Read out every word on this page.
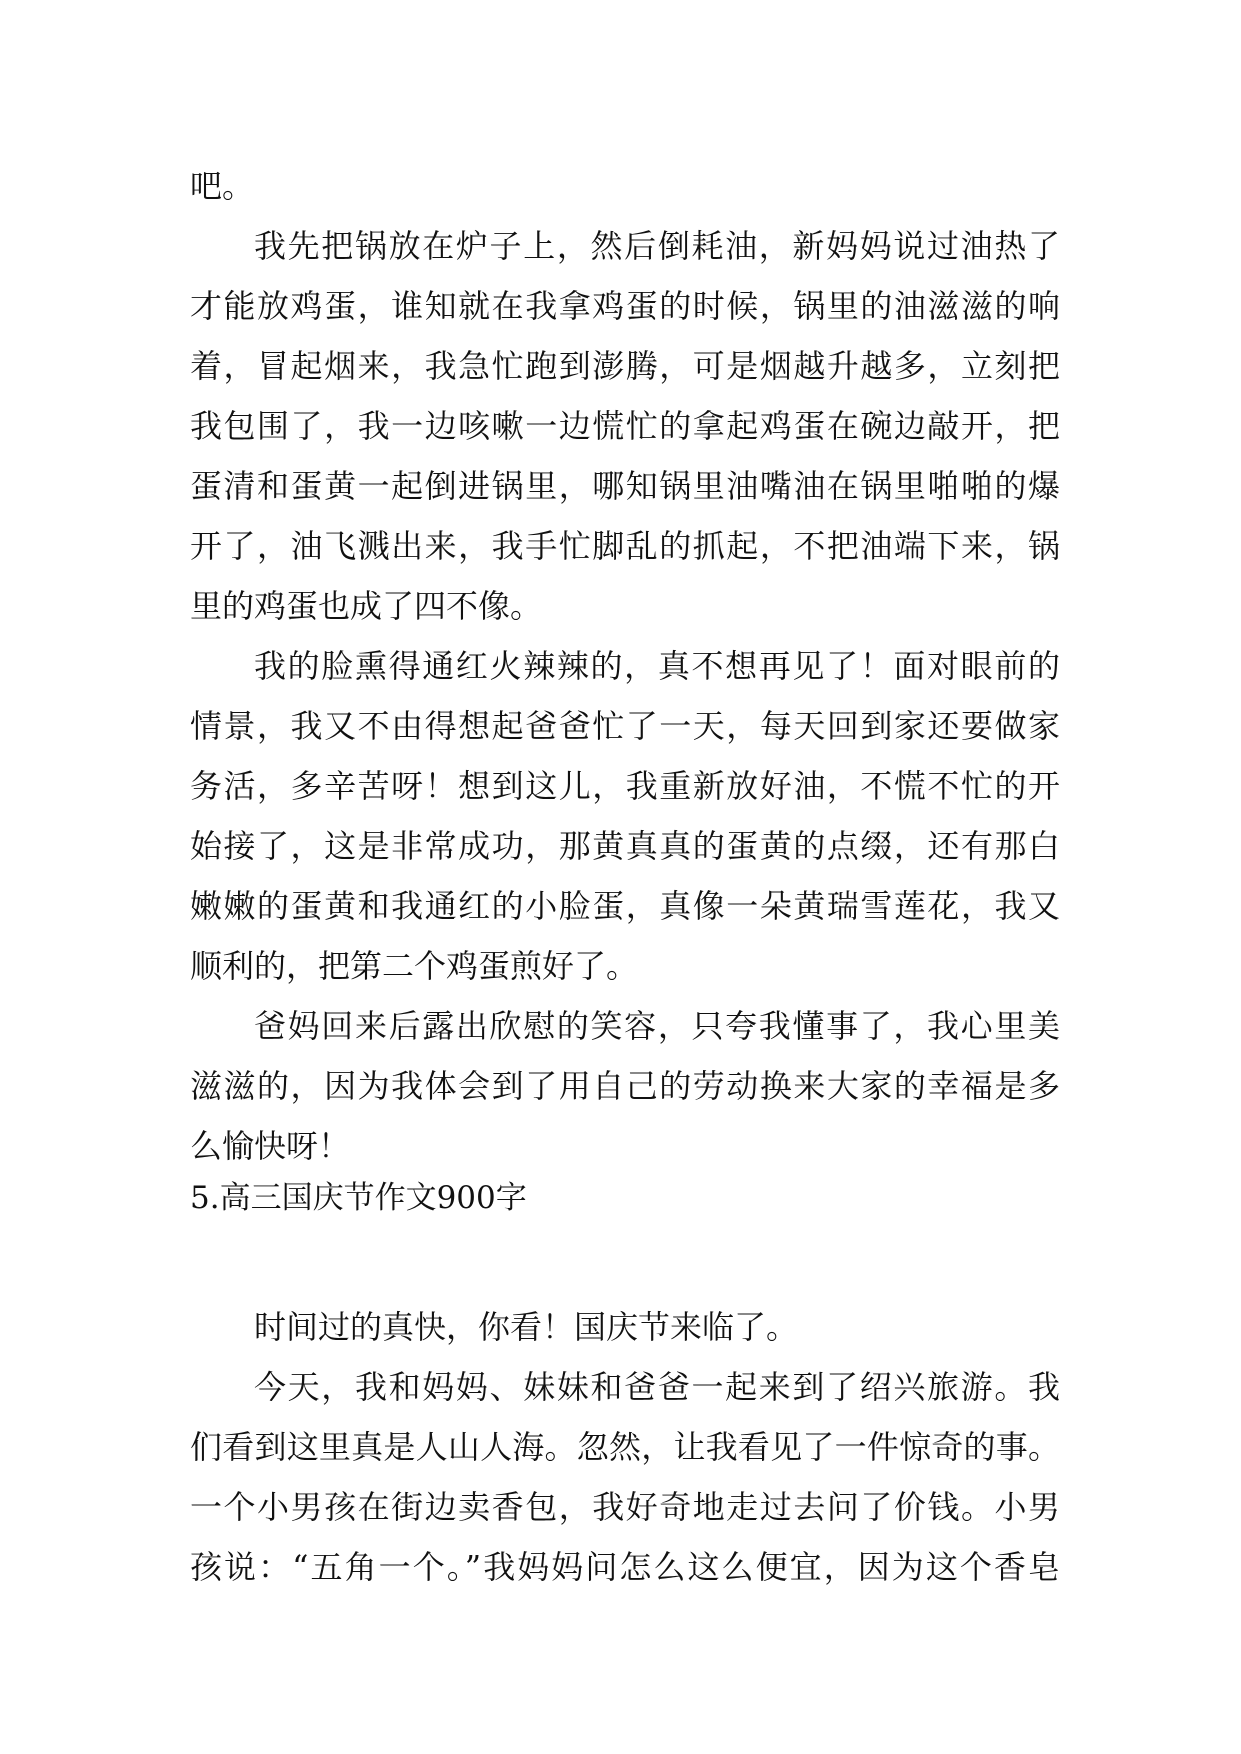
吧。
我先把锅放在炉子上，然后倒耗油，新妈妈说过油热了
才能放鸡蛋，谁知就在我拿鸡蛋的时候，锅里的油滋滋的响
着，冒起烟来，我急忙跑到澎腾，可是烟越升越多，立刻把
我包围了，我一边咳嗽一边慌忙的拿起鸡蛋在碗边敲开，把
蛋清和蛋黄一起倒进锅里，哪知锅里油嘴油在锅里啪啪的爆
开了，油飞溅出来，我手忙脚乱的抓起，不把油端下来，锅
里的鸡蛋也成了四不像。
我的脸熏得通红火辣辣的，真不想再见了！面对眼前的
情景，我又不由得想起爸爸忙了一天，每天回到家还要做家
务活，多辛苦呀！想到这儿，我重新放好油，不慌不忙的开
始接了，这是非常成功，那黄真真的蛋黄的点缀，还有那白
嫩嫩的蛋黄和我通红的小脸蛋，真像一朵黄瑞雪莲花，我又
顺利的，把第二个鸡蛋煎好了。
爸妈回来后露出欣慰的笑容，只夸我懂事了，我心里美
滋滋的，因为我体会到了用自己的劳动换来大家的幸福是多
么愉快呀！
5.高三国庆节作文900字
时间过的真快，你看！国庆节来临了。
今天，我和妈妈、妹妹和爸爸一起来到了绍兴旅游。我
们看到这里真是人山人海。忽然，让我看见了一件惊奇的事。
一个小男孩在街边卖香包，我好奇地走过去问了价钱。小男
孩说：“五角一个。”我妈妈问怎么这么便宜，因为这个香皂
